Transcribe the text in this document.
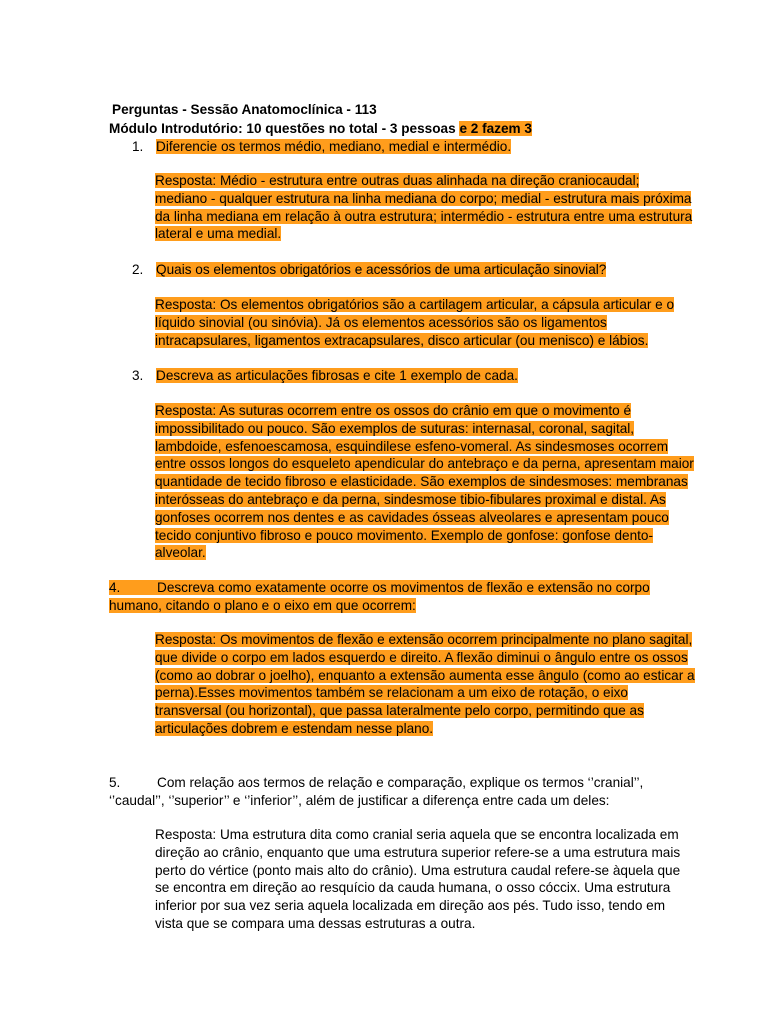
Perguntas - Sessão Anatomoclínica - 113
Módulo Introdutório: 10 questões no total - 3 pessoas e 2 fazem 3
1. Diferencie os termos médio, mediano, medial e intermédio.
Resposta: Médio - estrutura entre outras duas alinhada na direção craniocaudal; mediano - qualquer estrutura na linha mediana do corpo; medial - estrutura mais próxima da linha mediana em relação à outra estrutura; intermédio - estrutura entre uma estrutura lateral e uma medial.
2. Quais os elementos obrigatórios e acessórios de uma articulação sinovial?
Resposta: Os elementos obrigatórios são a cartilagem articular, a cápsula articular e o líquido sinovial (ou sinóvia). Já os elementos acessórios são os ligamentos intracapsulares, ligamentos extracapsulares, disco articular (ou menisco) e lábios.
3. Descreva as articulações fibrosas e cite 1 exemplo de cada.
Resposta: As suturas ocorrem entre os ossos do crânio em que o movimento é impossibilitado ou pouco. São exemplos de suturas: internasal, coronal, sagital, lambdoide, esfenoescamosa, esquindilese esfeno-vomeral. As sindesmoses ocorrem entre ossos longos do esqueleto apendicular do antebraço e da perna, apresentam maior quantidade de tecido fibroso e elasticidade. São exemplos de sindesmoses: membranas interósseas do antebraço e da perna, sindesmose tibio-fibulares proximal e distal. As gonfoses ocorrem nos dentes e as cavidades ósseas alveolares e apresentam pouco tecido conjuntivo fibroso e pouco movimento. Exemplo de gonfose: gonfose dento-alveolar.
4.	Descreva como exatamente ocorre os movimentos de flexão e extensão no corpo humano, citando o plano e o eixo em que ocorrem:
Resposta: Os movimentos de flexão e extensão ocorrem principalmente no plano sagital, que divide o corpo em lados esquerdo e direito. A flexão diminui o ângulo entre os ossos (como ao dobrar o joelho), enquanto a extensão aumenta esse ângulo (como ao esticar a perna).Esses movimentos também se relacionam a um eixo de rotação, o eixo transversal (ou horizontal), que passa lateralmente pelo corpo, permitindo que as articulações dobrem e estendam nesse plano.
5.	Com relação aos termos de relação e comparação, explique os termos ‘’cranial’’, ‘’caudal’’, ‘’superior’’ e ‘’inferior’’, além de justificar a diferença entre cada um deles:
Resposta: Uma estrutura dita como cranial seria aquela que se encontra localizada em direção ao crânio, enquanto que uma estrutura superior refere-se a uma estrutura mais perto do vértice (ponto mais alto do crânio). Uma estrutura caudal refere-se àquela que se encontra em direção ao resquício da cauda humana, o osso cóccix. Uma estrutura inferior por sua vez seria aquela localizada em direção aos pés. Tudo isso, tendo em vista que se compara uma dessas estruturas a outra.
